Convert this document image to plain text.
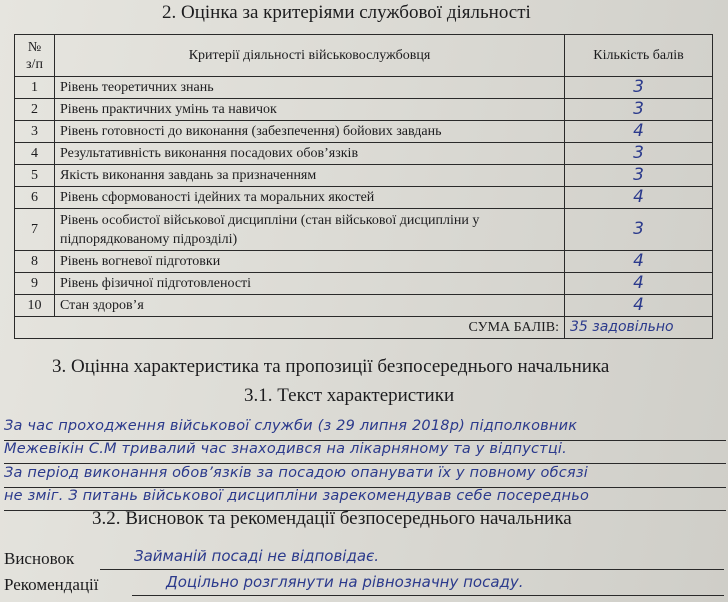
2. Оцінка за критеріями службової діяльності
№
з/п	Критерії діяльності військовослужбовця	Кількість балів
1	Рівень теоретичних знань	3
2	Рівень практичних умінь та навичок	3
3	Рівень готовності до виконання (забезпечення) бойових завдань	4
4	Результативність виконання посадових обов’язків	3
5	Якість виконання завдань за призначенням	3
6	Рівень сформованості ідейних та моральних якостей	4
7	Рівень особистої військової дисципліни (стан військової дисципліни у підпорядкованому підрозділі)	3
8	Рівень вогневої підготовки	4
9	Рівень фізичної підготовленості	4
10	Стан здоров’я	4
	СУМА БАЛІВ:	35 задовільно
3. Оцінна характеристика та пропозиції безпосереднього начальника
3.1. Текст характеристики
За час проходження військової служби (з 29 липня 2018р) підполковник
Межевікін С.М тривалий час знаходився на лікарняному та у відпустці.
За період виконання обов’язків за посадою опанувати їх у повному обсязі
не зміг. З питань військової дисципліни зарекомендував себе посередньо
3.2. Висновок та рекомендації безпосереднього начальника
Висновок	Займаній посаді не відповідає.
Рекомендації	Доцільно розглянути на рівнозначну посаду.
